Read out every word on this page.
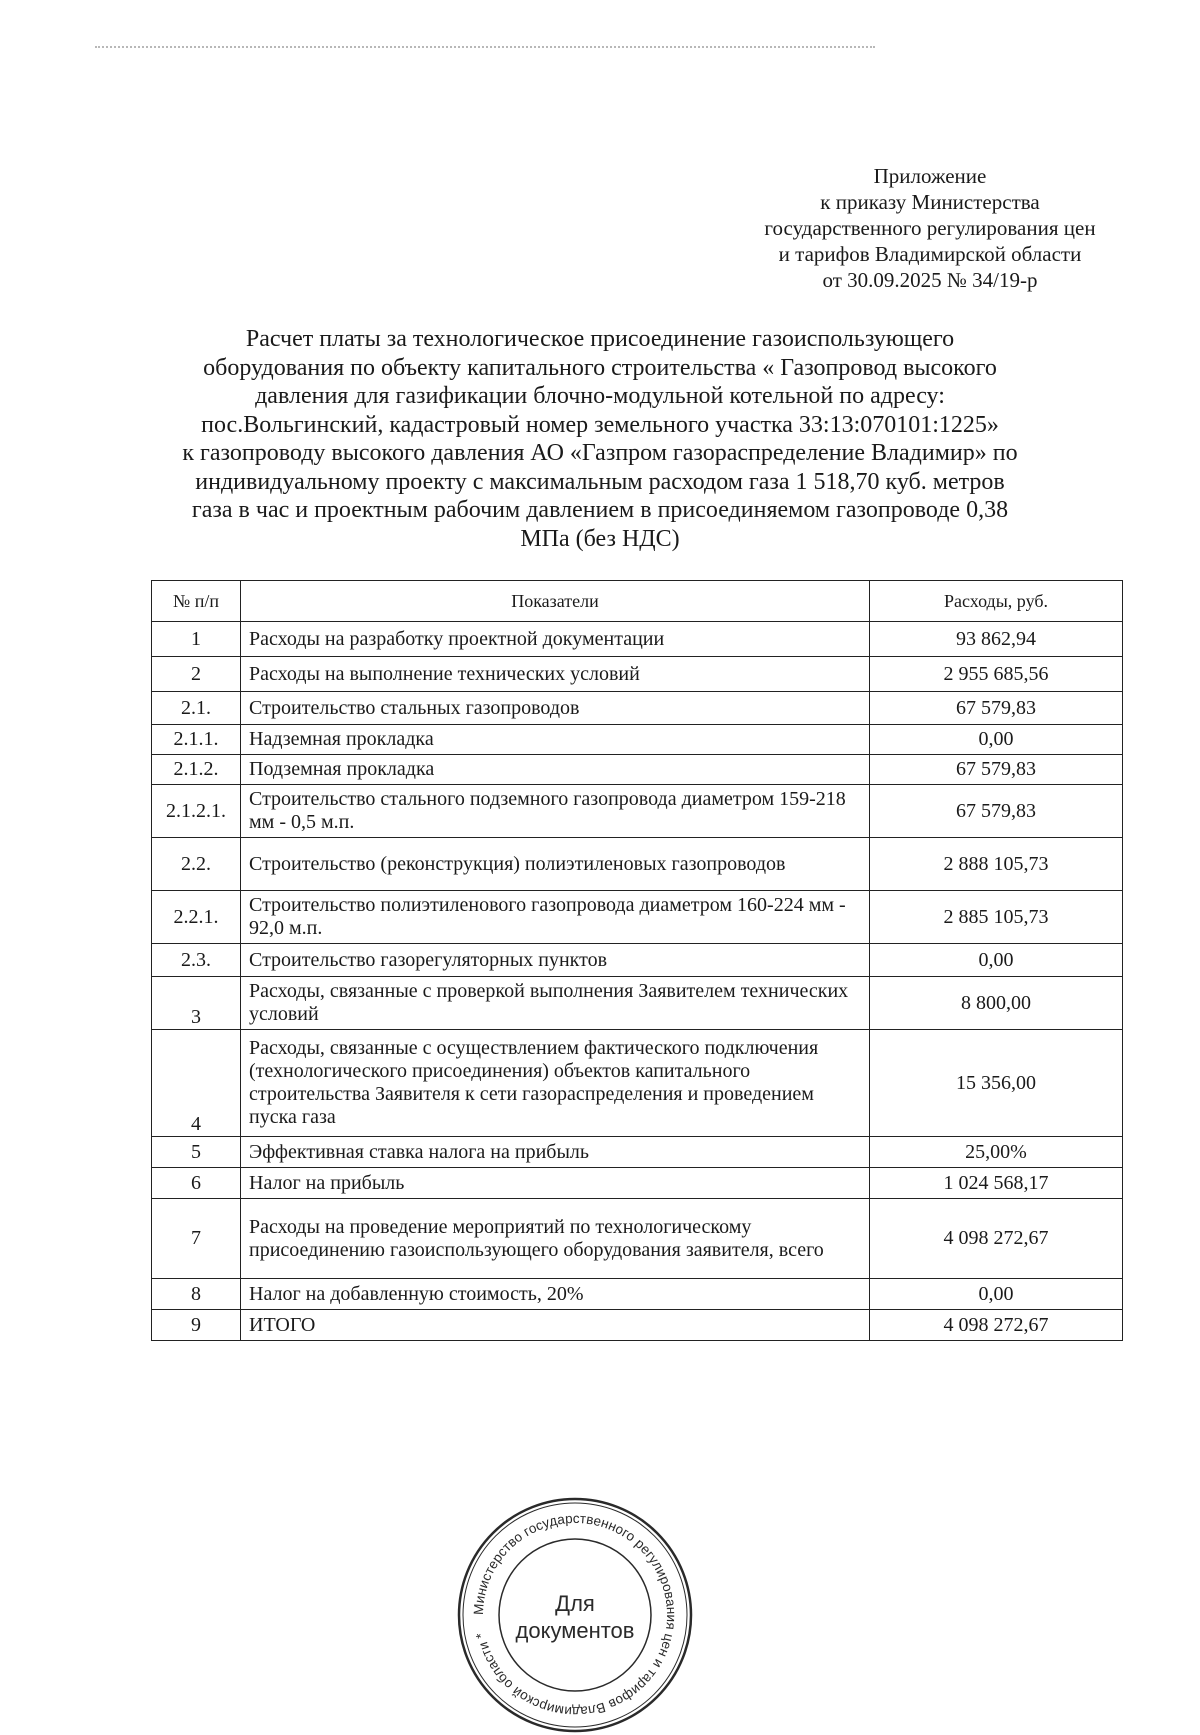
Приложение
к приказу Министерства
государственного регулирования цен
и тарифов Владимирской области
от 30.09.2025 № 34/19-р
Расчет платы за технологическое присоединение газоиспользующего
оборудования по объекту капитального строительства « Газопровод высокого
давления для газификации блочно-модульной котельной по адресу:
пос.Вольгинский, кадастровый номер земельного участка 33:13:070101:1225»
к газопроводу высокого давления АО «Газпром газораспределение Владимир» по
индивидуальному проекту с максимальным расходом газа 1 518,70 куб. метров
газа в час и проектным рабочим давлением в присоединяемом газопроводе 0,38
МПа (без НДС)
№ п/п	Показатели	Расходы, руб.
1	Расходы на разработку проектной документации	93 862,94
2	Расходы на выполнение технических условий	2 955 685,56
2.1.	Строительство стальных газопроводов	67 579,83
2.1.1.	Надземная прокладка	0,00
2.1.2.	Подземная прокладка	67 579,83
2.1.2.1.	Строительство стального подземного газопровода диаметром 159-218 мм - 0,5 м.п.	67 579,83
2.2.	Строительство (реконструкция) полиэтиленовых газопроводов	2 888 105,73
2.2.1.	Строительство полиэтиленового газопровода диаметром 160-224 мм - 92,0 м.п.	2 885 105,73
2.3.	Строительство газорегуляторных пунктов	0,00
3	Расходы, связанные с проверкой выполнения Заявителем технических условий	8 800,00
4	Расходы, связанные с осуществлением фактического подключения (технологического присоединения) объектов капитального строительства Заявителя к сети газораспределения и проведением пуска газа	15 356,00
5	Эффективная ставка налога на прибыль	25,00%
6	Налог на прибыль	1 024 568,17
7	Расходы на проведение мероприятий по технологическому присоединению газоиспользующего оборудования заявителя, всего	4 098 272,67
8	Налог на добавленную стоимость, 20%	0,00
9	ИТОГО	4 098 272,67
Министерство государственного регулирования цен и тарифов Владимирской области *
Для
документов
